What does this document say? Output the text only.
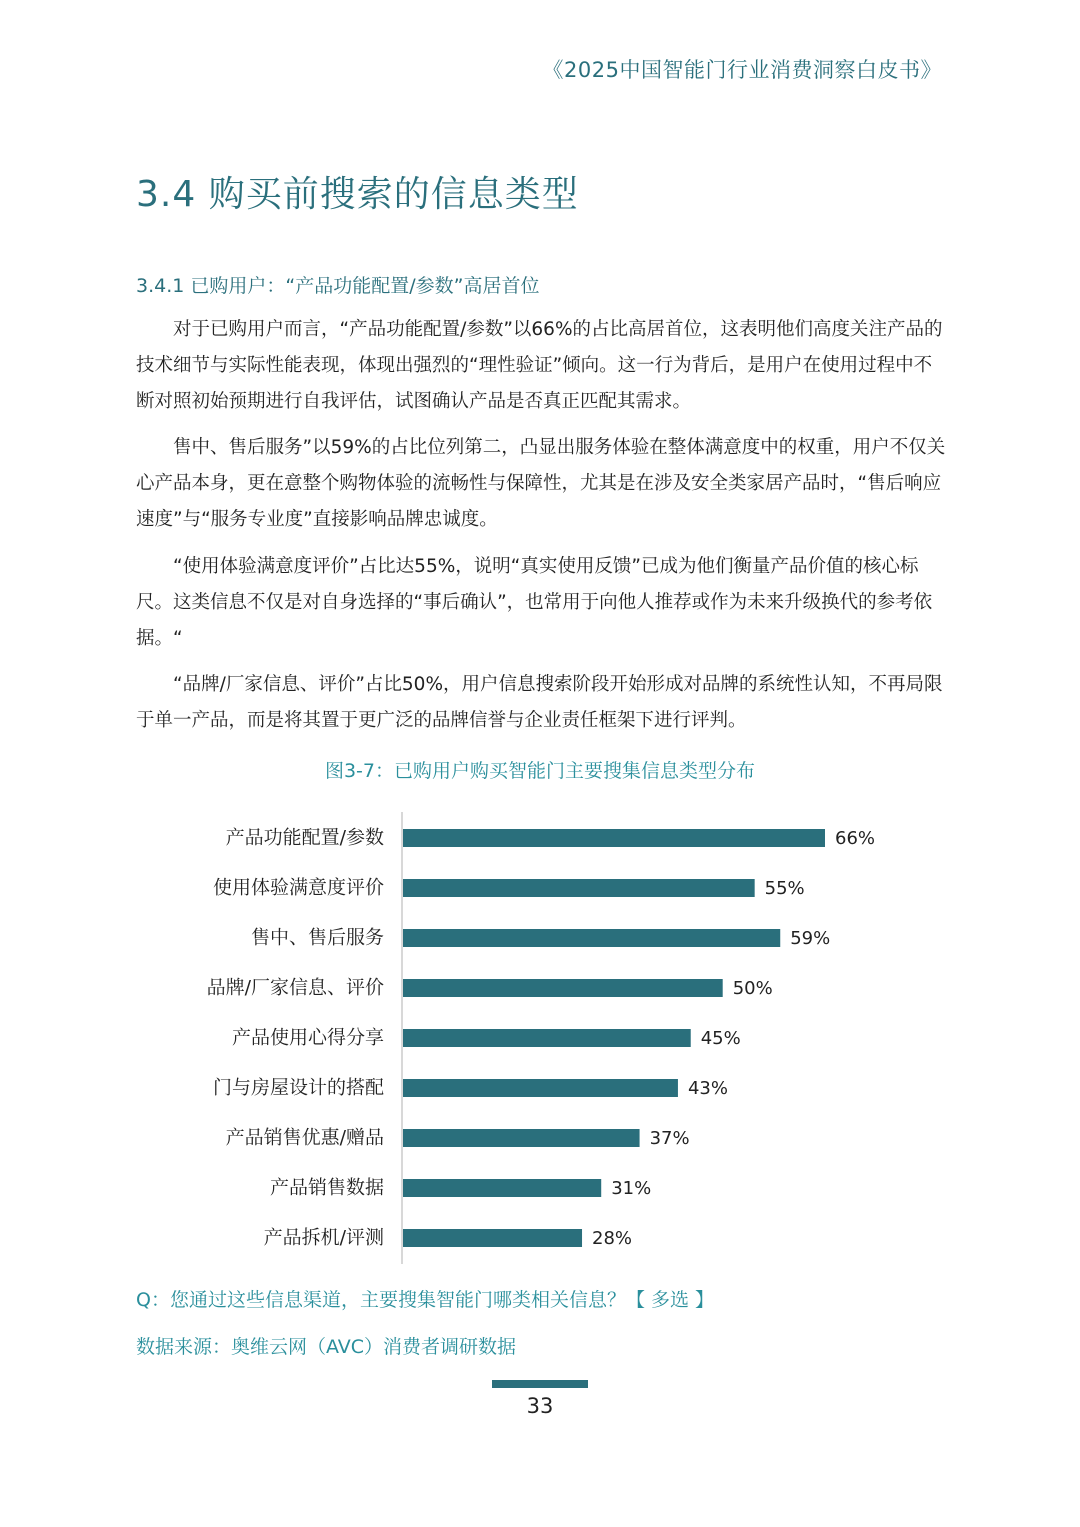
《2025中国智能门行业消费洞察白皮书》
3.4 购买前搜索的信息类型
3.4.1 已购用户：“产品功能配置/参数”高居首位

对于已购用户而言，“产品功能配置/参数”以66%的占比高居首位，这表明他们高度关注产品的技术细节与实际性能表现，体现出强烈的“理性验证”倾向。这一行为背后，是用户在使用过程中不断对照初始预期进行自我评估，试图确认产品是否真正匹配其需求。

售中、售后服务”以59%的占比位列第二，凸显出服务体验在整体满意度中的权重，用户不仅关心产品本身，更在意整个购物体验的流畅性与保障性，尤其是在涉及安全类家居产品时，“售后响应速度”与“服务专业度”直接影响品牌忠诚度。

“使用体验满意度评价”占比达55%，说明“真实使用反馈”已成为他们衡量产品价值的核心标尺。这类信息不仅是对自身选择的“事后确认”，也常用于向他人推荐或作为未来升级换代的参考依据。“

“品牌/厂家信息、评价”占比50%，用户信息搜索阶段开始形成对品牌的系统性认知，不再局限于单一产品，而是将其置于更广泛的品牌信誉与企业责任框架下进行评判。

图3-7：已购用户购买智能门主要搜集信息类型分布
产品功能配置/参数	66%
使用体验满意度评价	55%
售中、售后服务	59%
品牌/厂家信息、评价	50%
产品使用心得分享	45%
门与房屋设计的搭配	43%
产品销售优惠/赠品	37%
产品销售数据	31%
产品拆机/评测	28%
Q：您通过这些信息渠道，主要搜集智能门哪类相关信息？【 多选 】
数据来源：奥维云网（AVC）消费者调研数据
33
